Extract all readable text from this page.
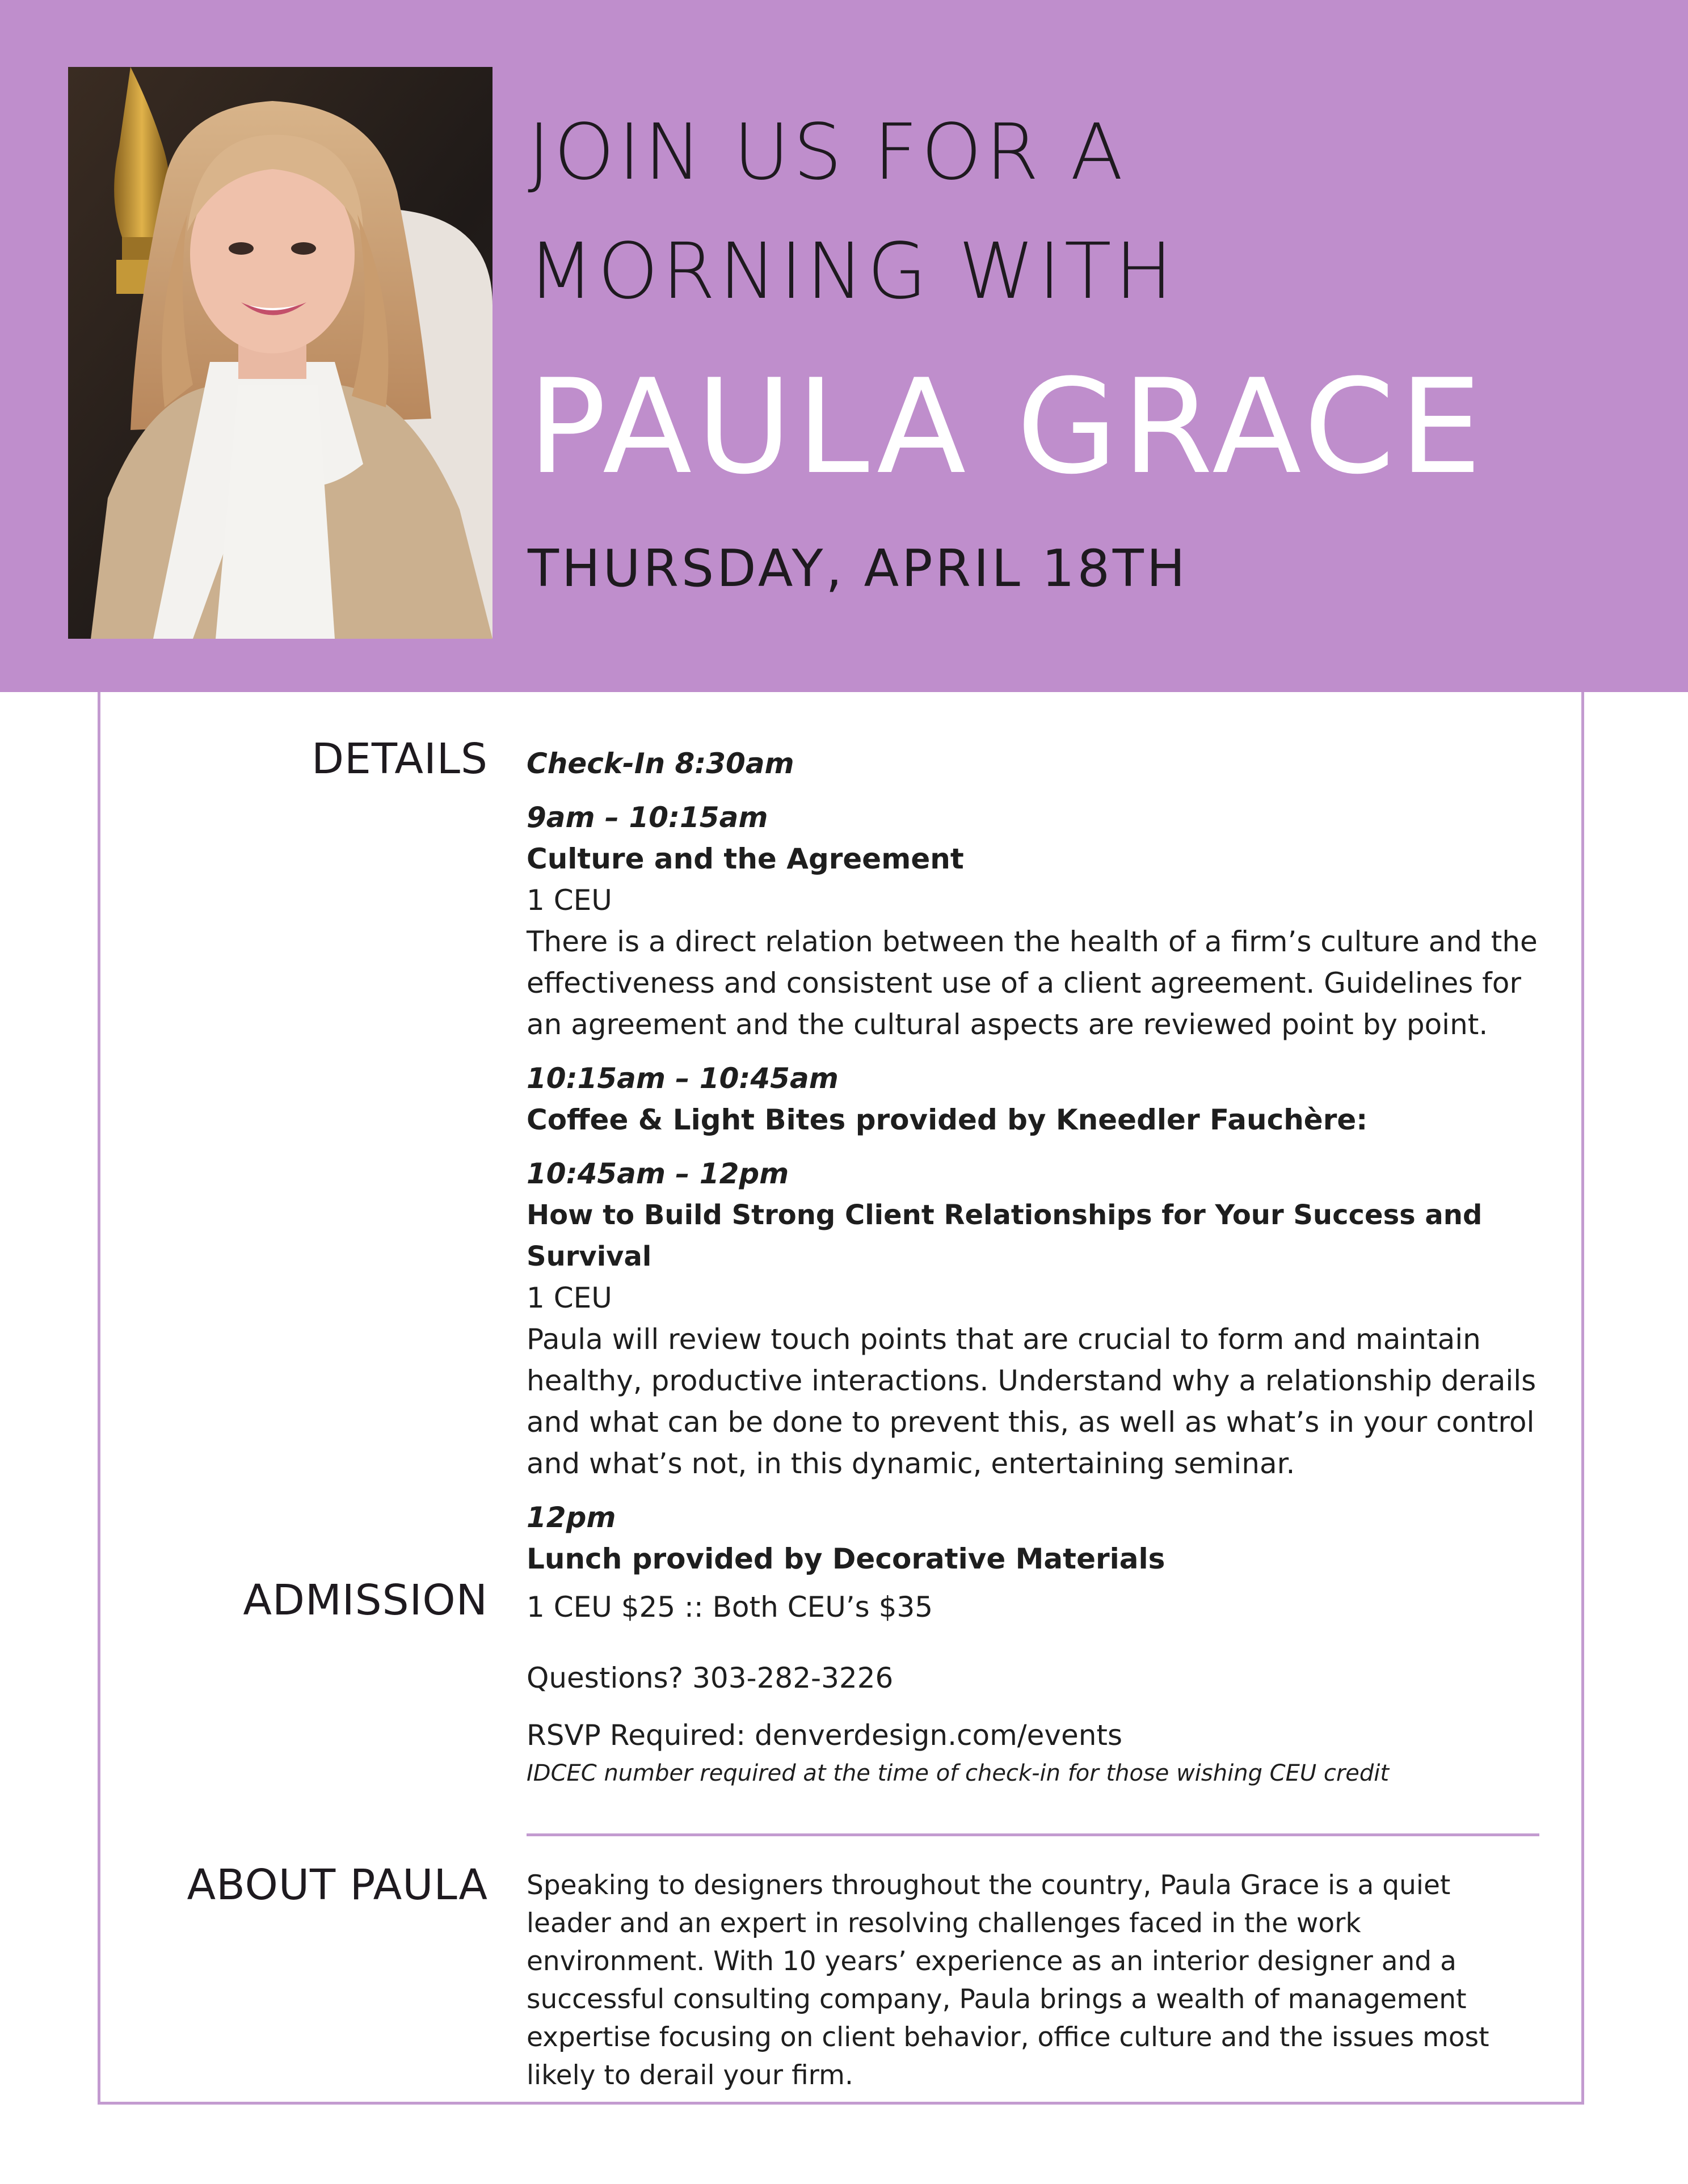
JOIN US FOR A
MORNING WITH
PAULA GRACE
THURSDAY, APRIL 18TH
DETAILS Check-In 8:30am

9am – 10:15am

Culture and the Agreement

1 CEU

There is a direct relation between the health of a firm’s culture and the effectiveness and consistent use of a client agreement. Guidelines for an agreement and the cultural aspects are reviewed point by point.

10:15am – 10:45am

Coffee & Light Bites provided by Kneedler Fauchère:

10:45am – 12pm

How to Build Strong Client Relationships for Your Success and Survival

1 CEU

Paula will review touch points that are crucial to form and maintain healthy, productive interactions. Understand why a relationship derails and what can be done to prevent this, as well as what’s in your control and what’s not, in this dynamic, entertaining seminar.

12pm

Lunch provided by Decorative Materials

ADMISSION 1 CEU $25 :: Both CEU’s $35

Questions? 303-282-3226

RSVP Required: denverdesign.com/events

IDCEC number required at the time of check-in for those wishing CEU credit

ABOUT PAULA Speaking to designers throughout the country, Paula Grace is a quiet leader and an expert in resolving challenges faced in the work environment. With 10 years’ experience as an interior designer and a successful consulting company, Paula brings a wealth of management expertise focusing on client behavior, office culture and the issues most likely to derail your firm.
